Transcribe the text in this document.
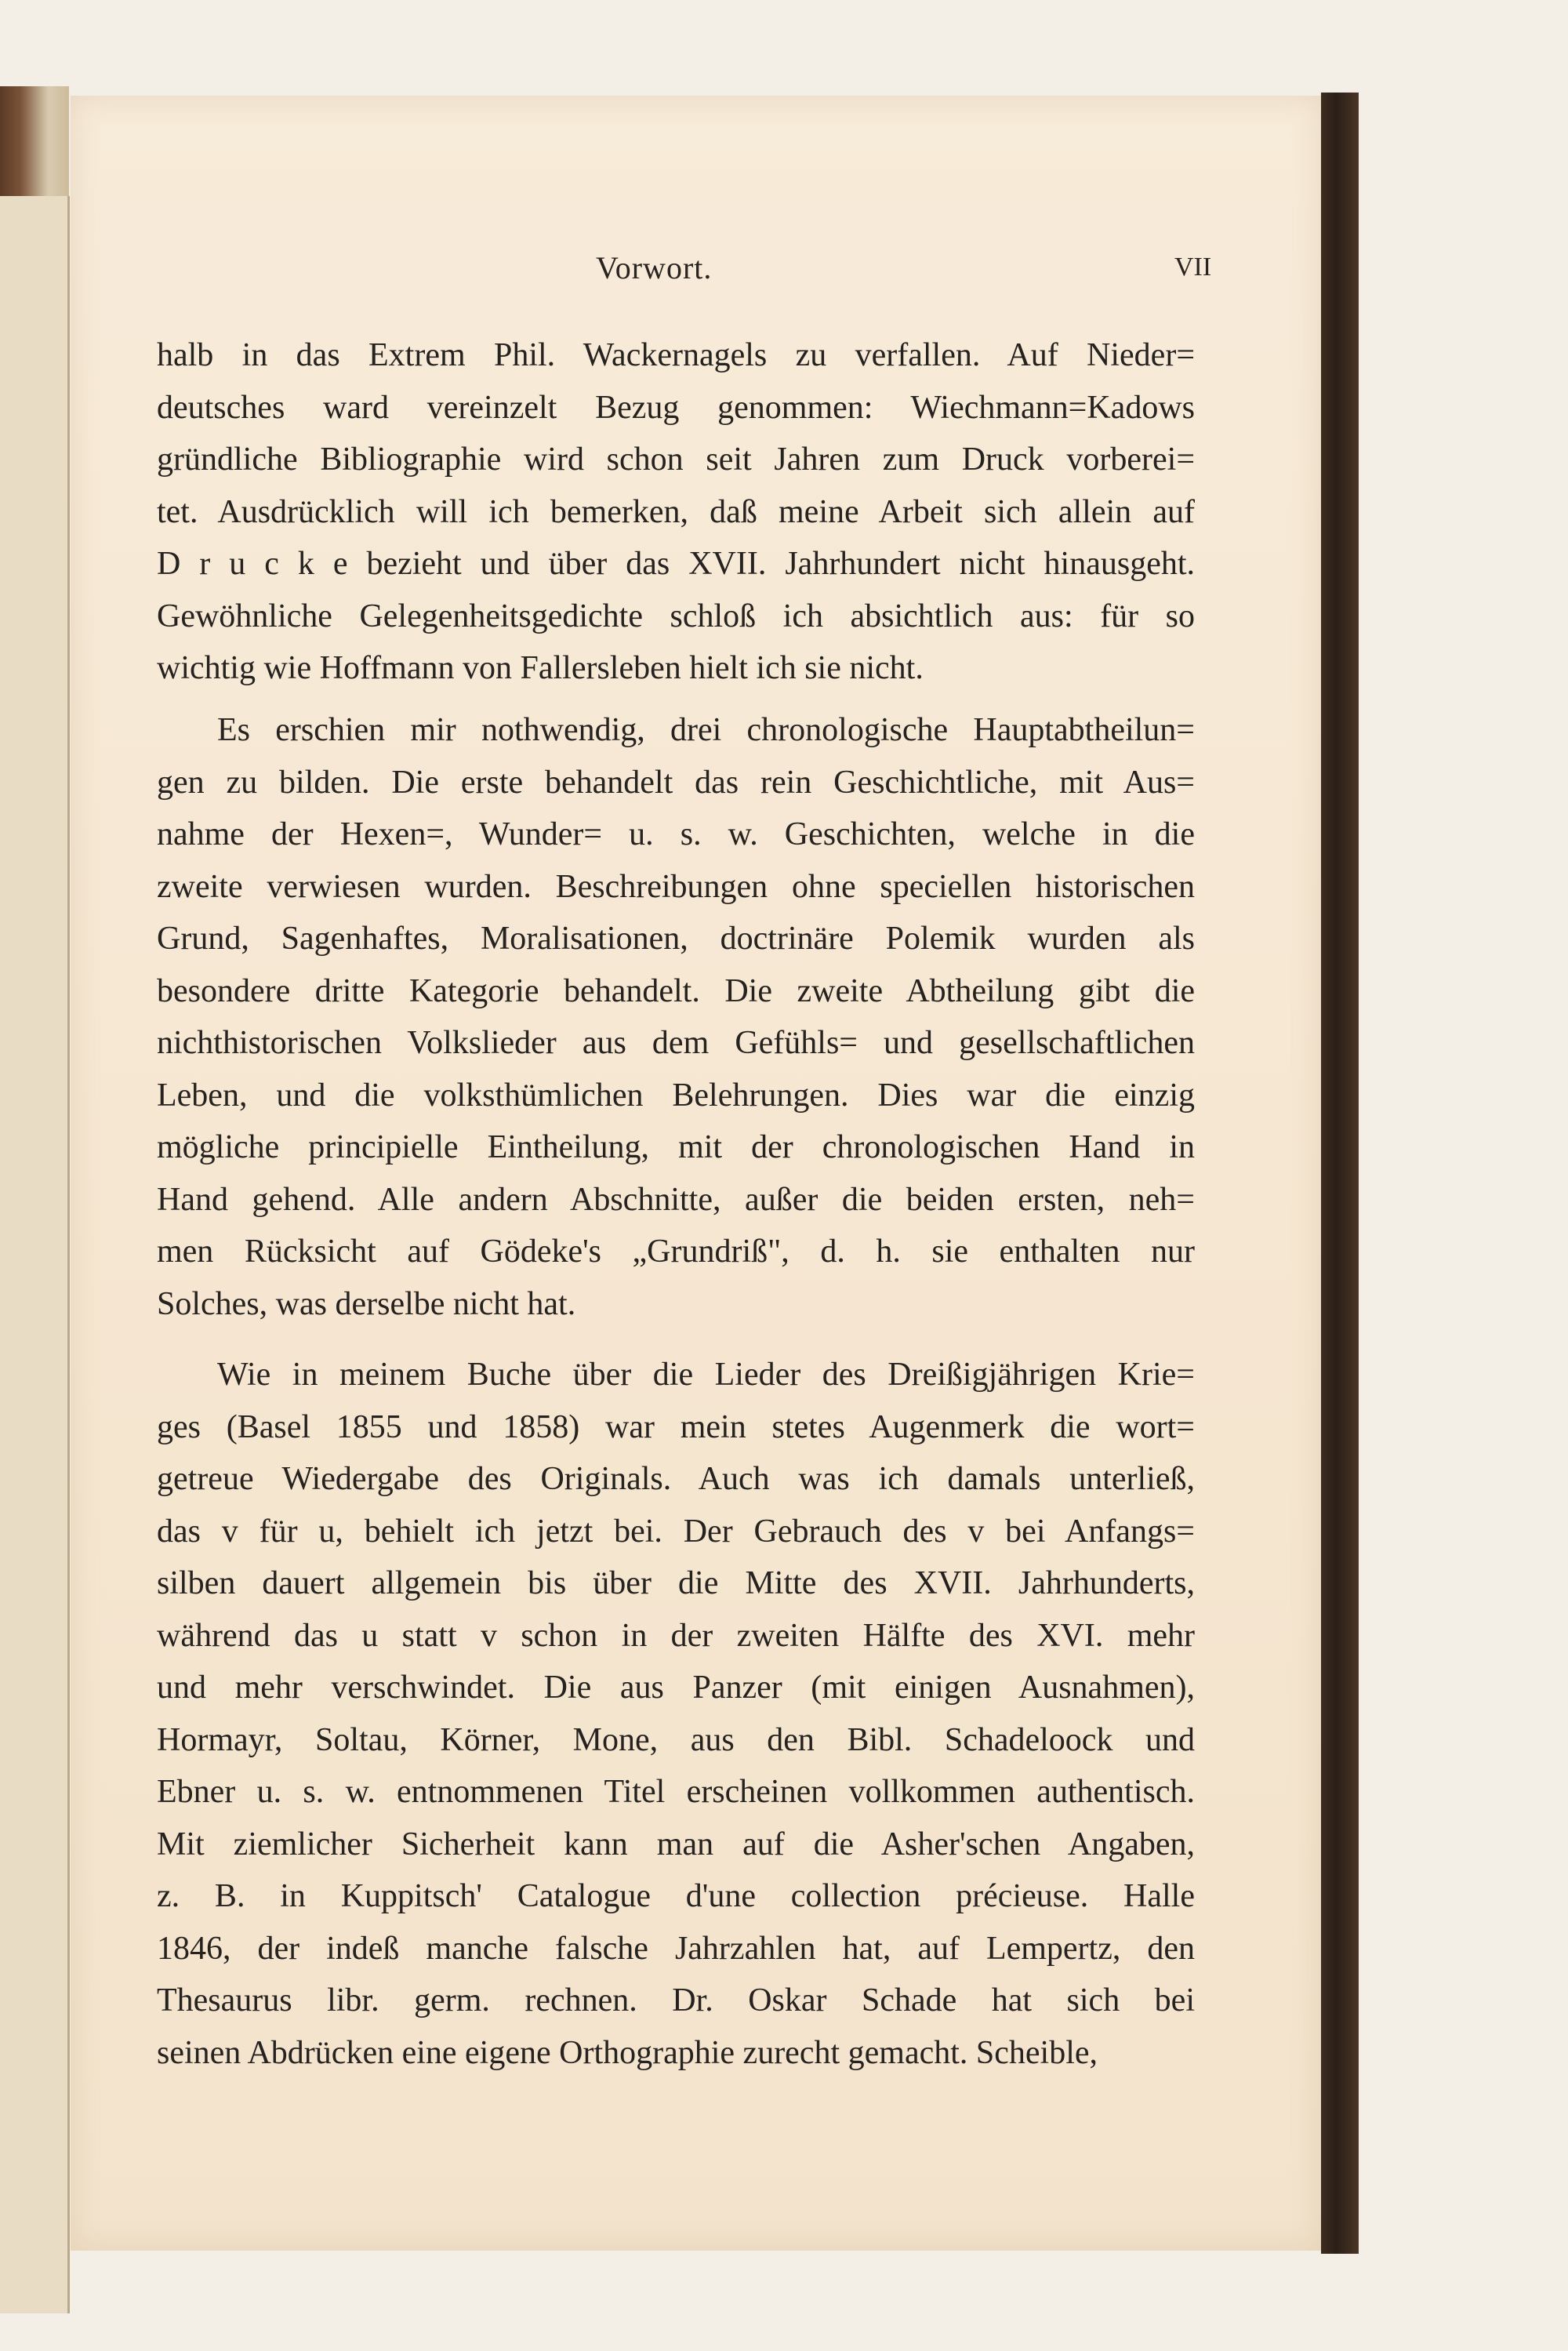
Vorwort.	VII
halb in das Extrem Phil. Wackernagels zu verfallen. Auf Nieder=
deutsches ward vereinzelt Bezug genommen: Wiechmann=Kadows
gründliche Bibliographie wird schon seit Jahren zum Druck vorberei=
tet. Ausdrücklich will ich bemerken, daß meine Arbeit sich allein auf
D r u c k e bezieht und über das XVII. Jahrhundert nicht hinausgeht.
Gewöhnliche Gelegenheitsgedichte schloß ich absichtlich aus: für so
wichtig wie Hoffmann von Fallersleben hielt ich sie nicht.
Es erschien mir nothwendig, drei chronologische Hauptabtheilun=
gen zu bilden. Die erste behandelt das rein Geschichtliche, mit Aus=
nahme der Hexen=, Wunder= u. s. w. Geschichten, welche in die
zweite verwiesen wurden. Beschreibungen ohne speciellen historischen
Grund, Sagenhaftes, Moralisationen, doctrinäre Polemik wurden als
besondere dritte Kategorie behandelt. Die zweite Abtheilung gibt die
nichthistorischen Volkslieder aus dem Gefühls= und gesellschaftlichen
Leben, und die volksthümlichen Belehrungen. Dies war die einzig
mögliche principielle Eintheilung, mit der chronologischen Hand in
Hand gehend. Alle andern Abschnitte, außer die beiden ersten, neh=
men Rücksicht auf Gödeke's „Grundriß", d. h. sie enthalten nur
Solches, was derselbe nicht hat.
Wie in meinem Buche über die Lieder des Dreißigjährigen Krie=
ges (Basel 1855 und 1858) war mein stetes Augenmerk die wort=
getreue Wiedergabe des Originals. Auch was ich damals unterließ,
das v für u, behielt ich jetzt bei. Der Gebrauch des v bei Anfangs=
silben dauert allgemein bis über die Mitte des XVII. Jahrhunderts,
während das u statt v schon in der zweiten Hälfte des XVI. mehr
und mehr verschwindet. Die aus Panzer (mit einigen Ausnahmen),
Hormayr, Soltau, Körner, Mone, aus den Bibl. Schadeloock und
Ebner u. s. w. entnommenen Titel erscheinen vollkommen authentisch.
Mit ziemlicher Sicherheit kann man auf die Asher'schen Angaben,
z. B. in Kuppitsch' Catalogue d'une collection précieuse. Halle
1846, der indeß manche falsche Jahrzahlen hat, auf Lempertz, den
Thesaurus libr. germ. rechnen. Dr. Oskar Schade hat sich bei
seinen Abdrücken eine eigene Orthographie zurecht gemacht. Scheible,
